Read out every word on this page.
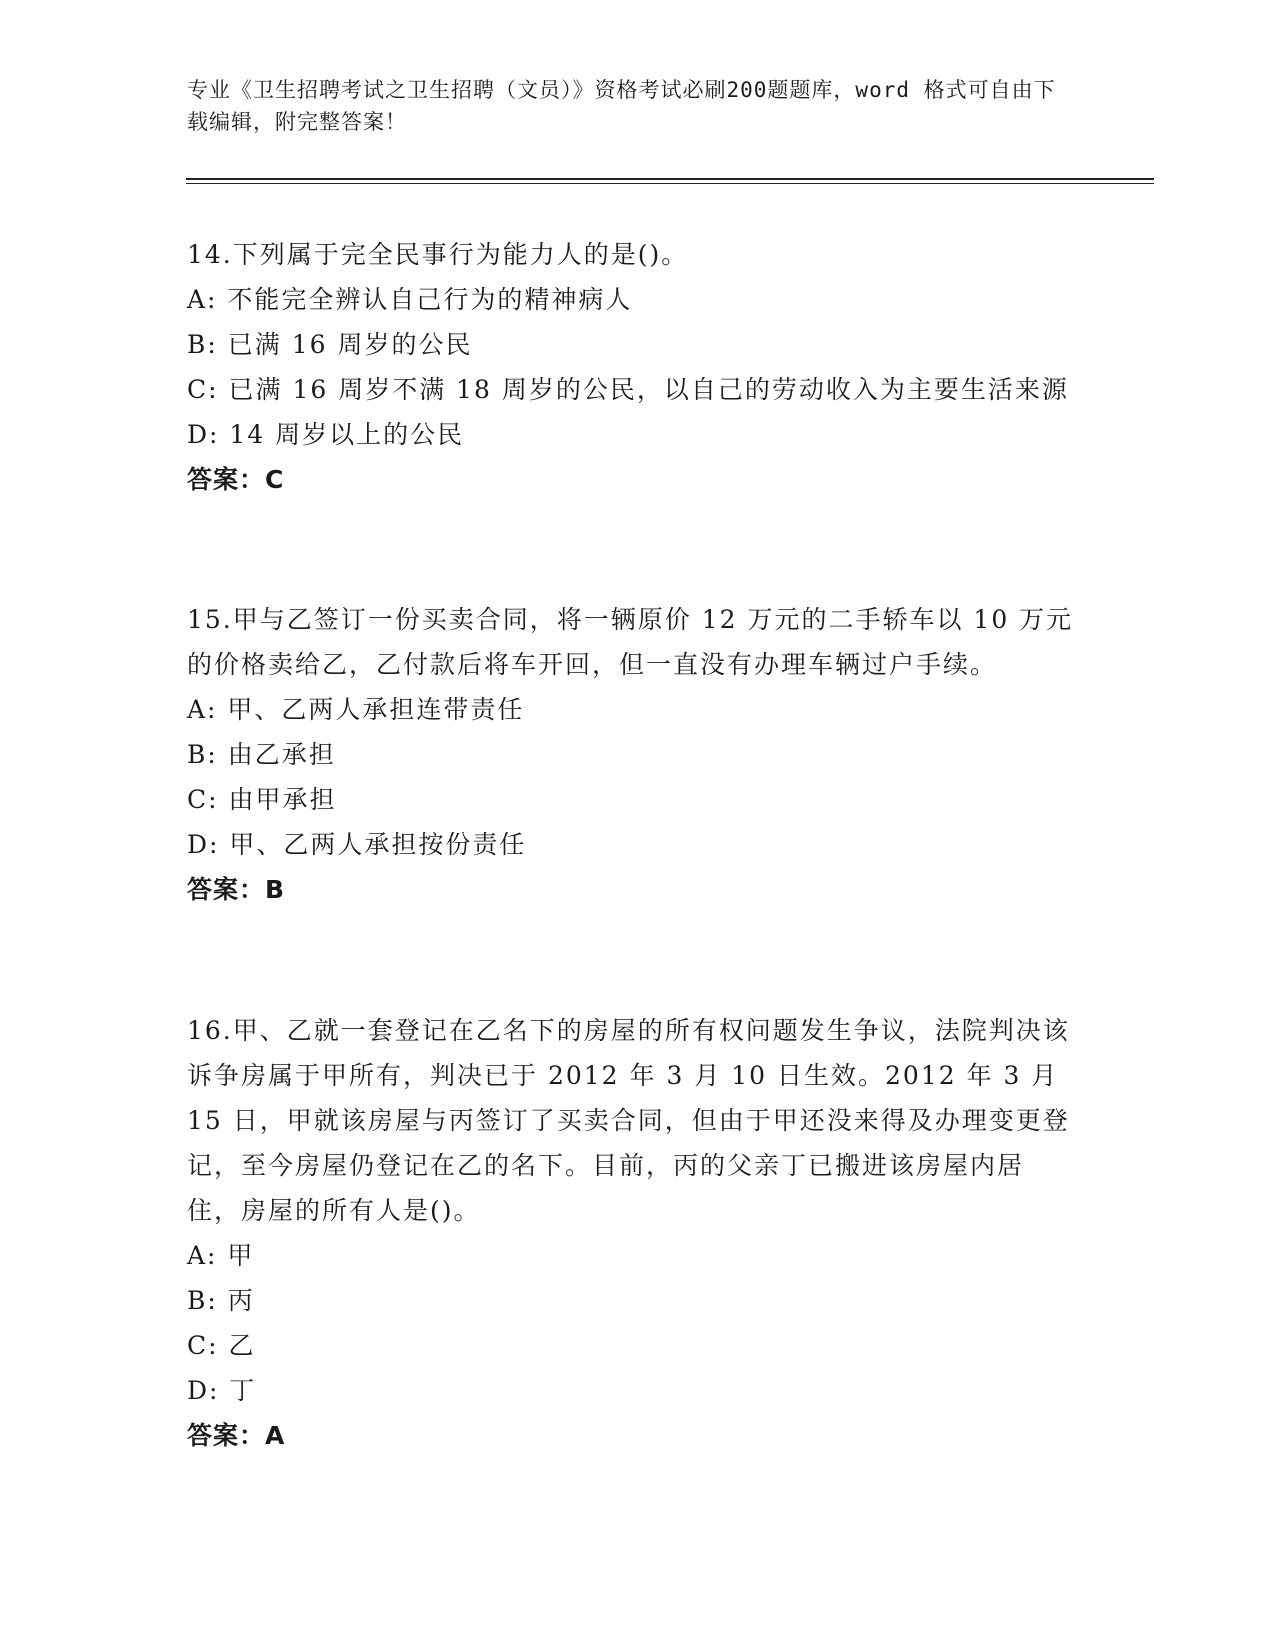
专业《卫生招聘考试之卫生招聘（文员）》资格考试必刷200题题库，word 格式可自由下载编辑，附完整答案！

14.下列属于完全民事行为能力人的是()。

A: 不能完全辨认自己行为的精神病人

B: 已满 16 周岁的公民

C: 已满 16 周岁不满 18 周岁的公民，以自己的劳动收入为主要生活来源

D: 14 周岁以上的公民

答案：C

15.甲与乙签订一份买卖合同，将一辆原价 12 万元的二手轿车以 10 万元的价格卖给乙，乙付款后将车开回，但一直没有办理车辆过户手续。

A: 甲、乙两人承担连带责任

B: 由乙承担

C: 由甲承担

D: 甲、乙两人承担按份责任

答案：B

16.甲、乙就一套登记在乙名下的房屋的所有权问题发生争议，法院判决该诉争房属于甲所有，判决已于 2012 年 3 月 10 日生效。2012 年 3 月 15 日，甲就该房屋与丙签订了买卖合同，但由于甲还没来得及办理变更登记，至今房屋仍登记在乙的名下。目前，丙的父亲丁已搬进该房屋内居住，房屋的所有人是()。

A: 甲

B: 丙

C: 乙

D: 丁

答案：A
